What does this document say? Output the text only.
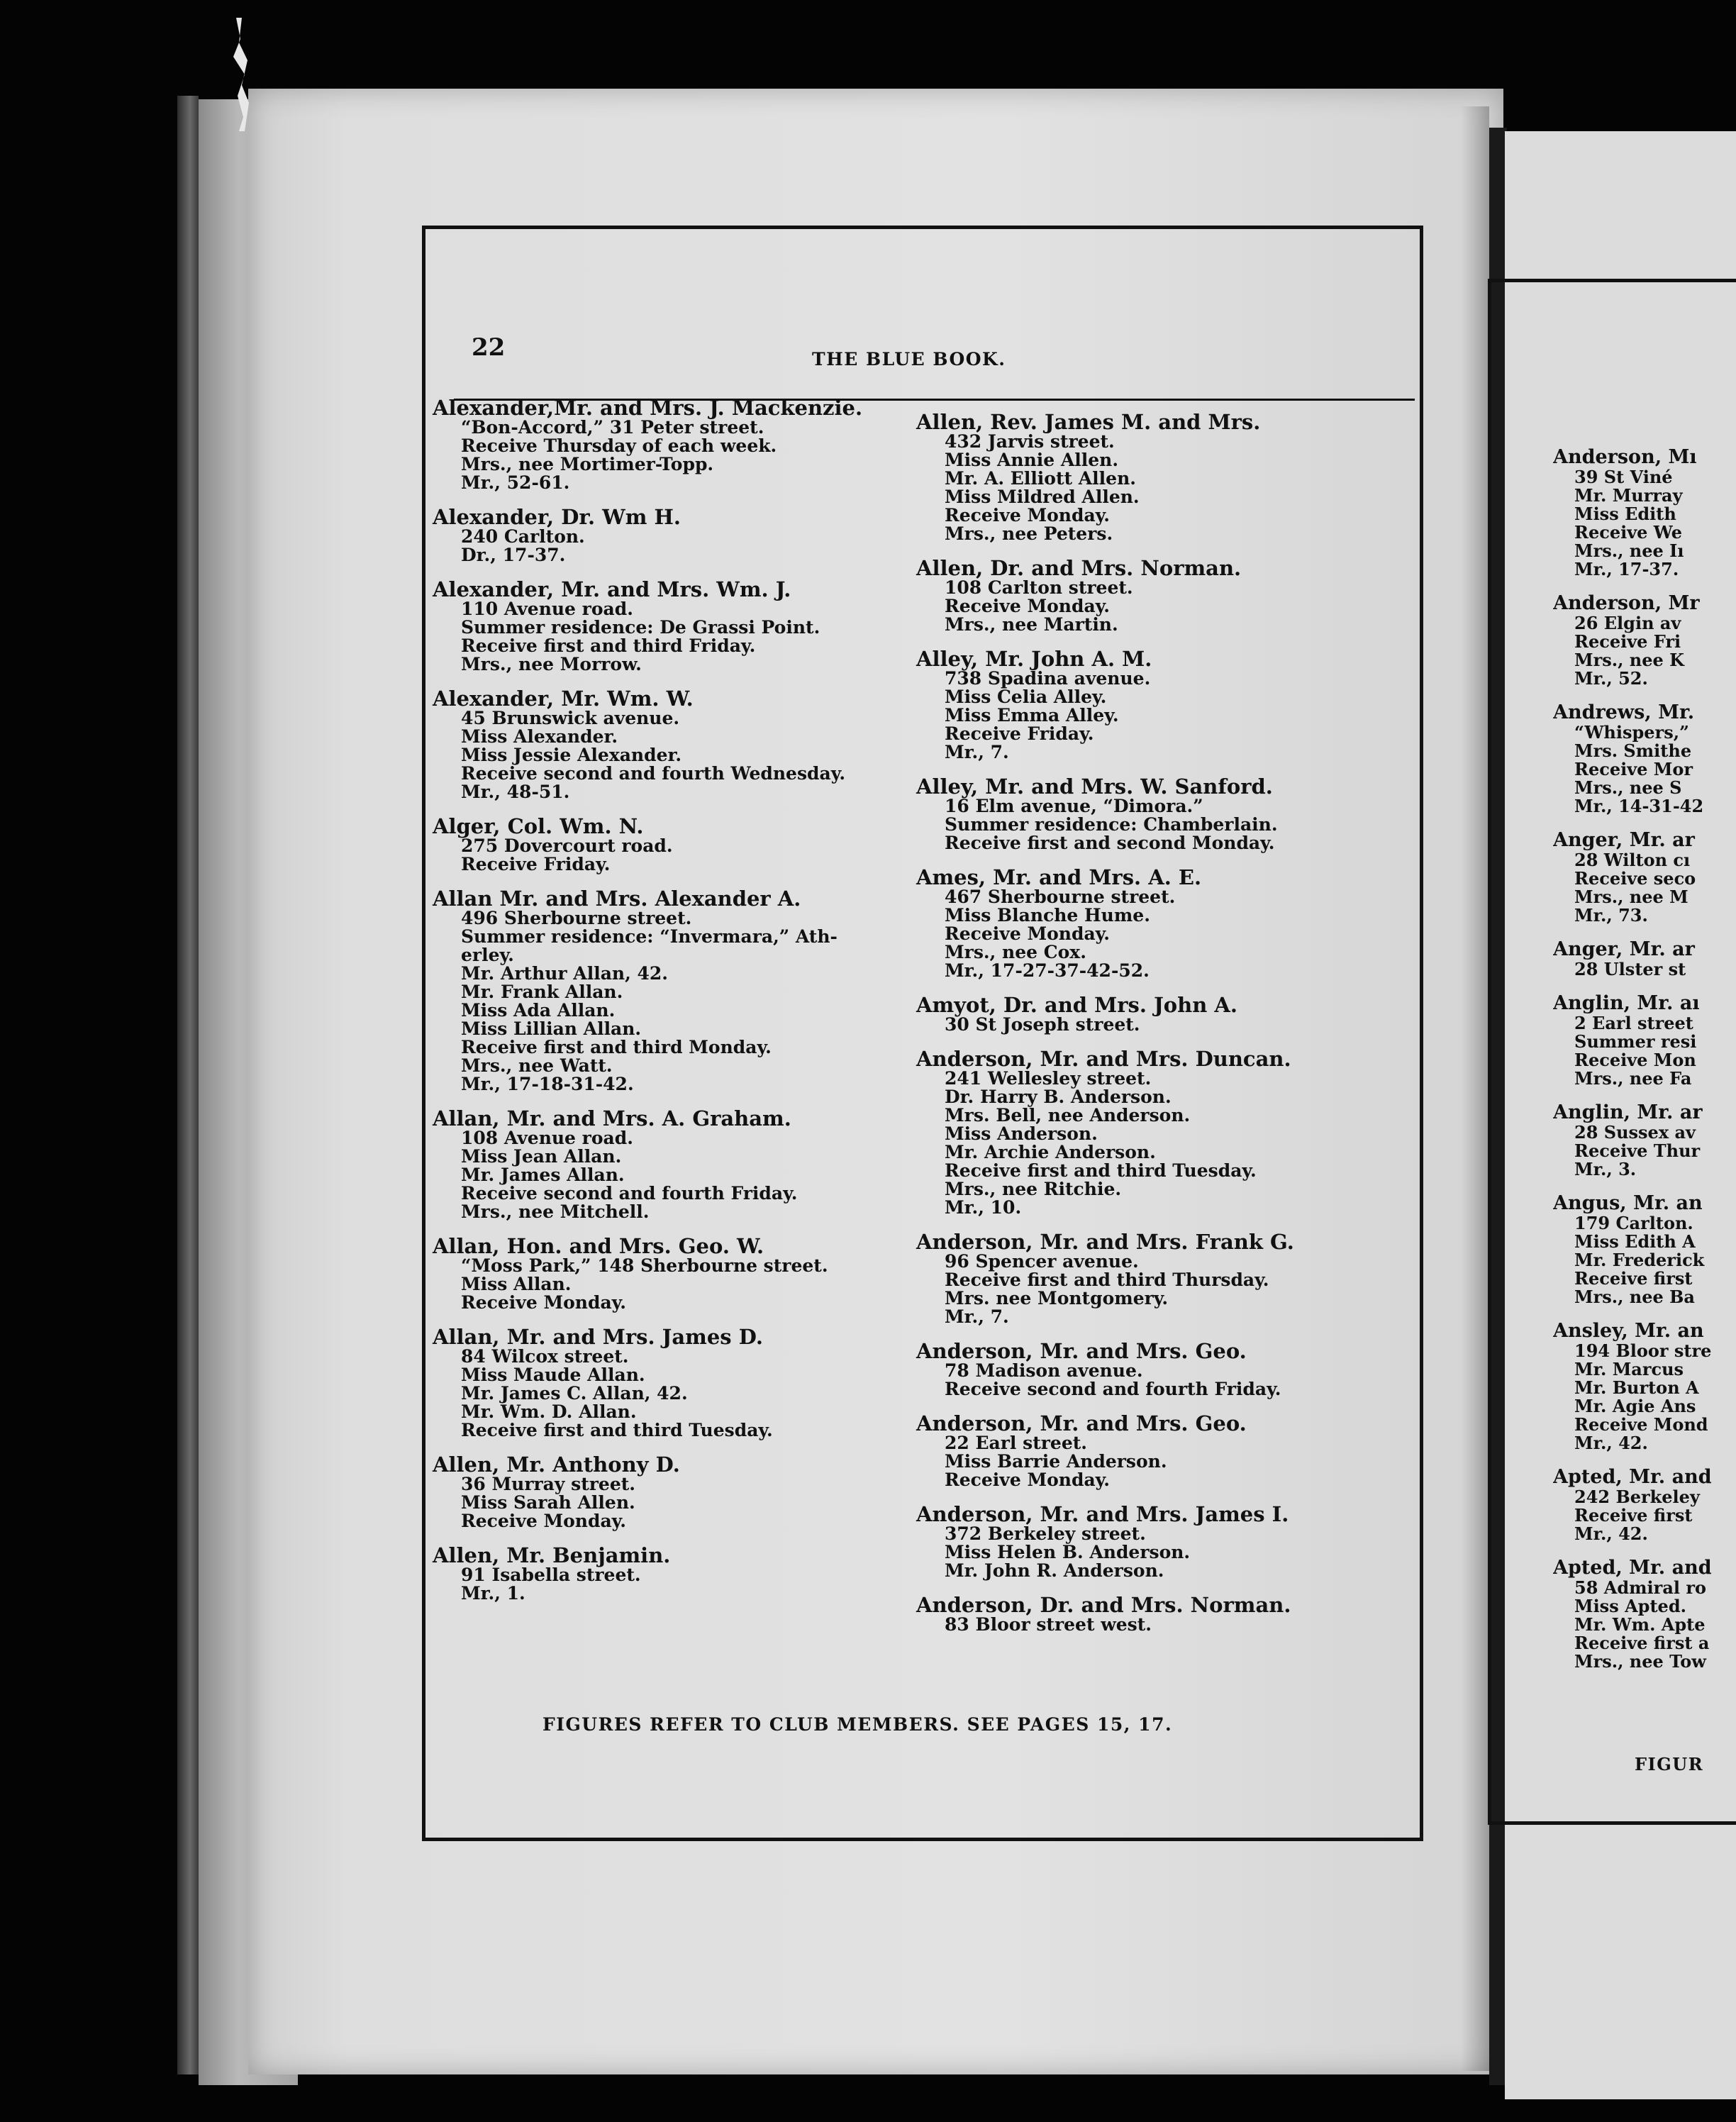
22	THE BLUE BOOK.
Alexander,Mr. and Mrs. J. Mackenzie.
“Bon-Accord,” 31 Peter street.
Receive Thursday of each week.
Mrs., nee Mortimer-Topp.
Mr., 52-61.
Alexander, Dr. Wm H.
240 Carlton.
Dr., 17-37.
Alexander, Mr. and Mrs. Wm. J.
110 Avenue road.
Summer residence: De Grassi Point.
Receive first and third Friday.
Mrs., nee Morrow.
Alexander, Mr. Wm. W.
45 Brunswick avenue.
Miss Alexander.
Miss Jessie Alexander.
Receive second and fourth Wednesday.
Mr., 48-51.
Alger, Col. Wm. N.
275 Dovercourt road.
Receive Friday.
Allan Mr. and Mrs. Alexander A.
496 Sherbourne street.
Summer residence: “Invermara,” Ath-
erley.
Mr. Arthur Allan, 42.
Mr. Frank Allan.
Miss Ada Allan.
Miss Lillian Allan.
Receive first and third Monday.
Mrs., nee Watt.
Mr., 17-18-31-42.
Allan, Mr. and Mrs. A. Graham.
108 Avenue road.
Miss Jean Allan.
Mr. James Allan.
Receive second and fourth Friday.
Mrs., nee Mitchell.
Allan, Hon. and Mrs. Geo. W.
“Moss Park,” 148 Sherbourne street.
Miss Allan.
Receive Monday.
Allan, Mr. and Mrs. James D.
84 Wilcox street.
Miss Maude Allan.
Mr. James C. Allan, 42.
Mr. Wm. D. Allan.
Receive first and third Tuesday.
Allen, Mr. Anthony D.
36 Murray street.
Miss Sarah Allen.
Receive Monday.
Allen, Mr. Benjamin.
91 Isabella street.
Mr., 1.
Allen, Rev. James M. and Mrs.
432 Jarvis street.
Miss Annie Allen.
Mr. A. Elliott Allen.
Miss Mildred Allen.
Receive Monday.
Mrs., nee Peters.
Allen, Dr. and Mrs. Norman.
108 Carlton street.
Receive Monday.
Mrs., nee Martin.
Alley, Mr. John A. M.
738 Spadina avenue.
Miss Celia Alley.
Miss Emma Alley.
Receive Friday.
Mr., 7.
Alley, Mr. and Mrs. W. Sanford.
16 Elm avenue, “Dimora.”
Summer residence: Chamberlain.
Receive first and second Monday.
Ames, Mr. and Mrs. A. E.
467 Sherbourne street.
Miss Blanche Hume.
Receive Monday.
Mrs., nee Cox.
Mr., 17-27-37-42-52.
Amyot, Dr. and Mrs. John A.
30 St Joseph street.
Anderson, Mr. and Mrs. Duncan.
241 Wellesley street.
Dr. Harry B. Anderson.
Mrs. Bell, nee Anderson.
Miss Anderson.
Mr. Archie Anderson.
Receive first and third Tuesday.
Mrs., nee Ritchie.
Mr., 10.
Anderson, Mr. and Mrs. Frank G.
96 Spencer avenue.
Receive first and third Thursday.
Mrs. nee Montgomery.
Mr., 7.
Anderson, Mr. and Mrs. Geo.
78 Madison avenue.
Receive second and fourth Friday.
Anderson, Mr. and Mrs. Geo.
22 Earl street.
Miss Barrie Anderson.
Receive Monday.
Anderson, Mr. and Mrs. James I.
372 Berkeley street.
Miss Helen B. Anderson.
Mr. John R. Anderson.
Anderson, Dr. and Mrs. Norman.
83 Bloor street west.
FIGURES REFER TO CLUB MEMBERS. SEE PAGES 15, 17.
Anderson, Mı
39 St Viné
Mr. Murray
Miss Edith
Receive We
Mrs., nee Iı
Mr., 17-37.
Anderson, Mr
26 Elgin av
Receive Fri
Mrs., nee K
Mr., 52.
Andrews, Mr.
“Whispers,”
Mrs. Smithe
Receive Mor
Mrs., nee S
Mr., 14-31-42
Anger, Mr. ar
28 Wilton cı
Receive seco
Mrs., nee M
Mr., 73.
Anger, Mr. ar
28 Ulster st
Anglin, Mr. aı
2 Earl street
Summer resi
Receive Mon
Mrs., nee Fa
Anglin, Mr. ar
28 Sussex av
Receive Thur
Mr., 3.
Angus, Mr. an
179 Carlton.
Miss Edith A
Mr. Frederick
Receive first
Mrs., nee Ba
Ansley, Mr. an
194 Bloor stre
Mr. Marcus
Mr. Burton A
Mr. Agie Ans
Receive Mond
Mr., 42.
Apted, Mr. and
242 Berkeley
Receive first
Mr., 42.
Apted, Mr. and
58 Admiral ro
Miss Apted.
Mr. Wm. Apte
Receive first a
Mrs., nee Tow
FIGUR
